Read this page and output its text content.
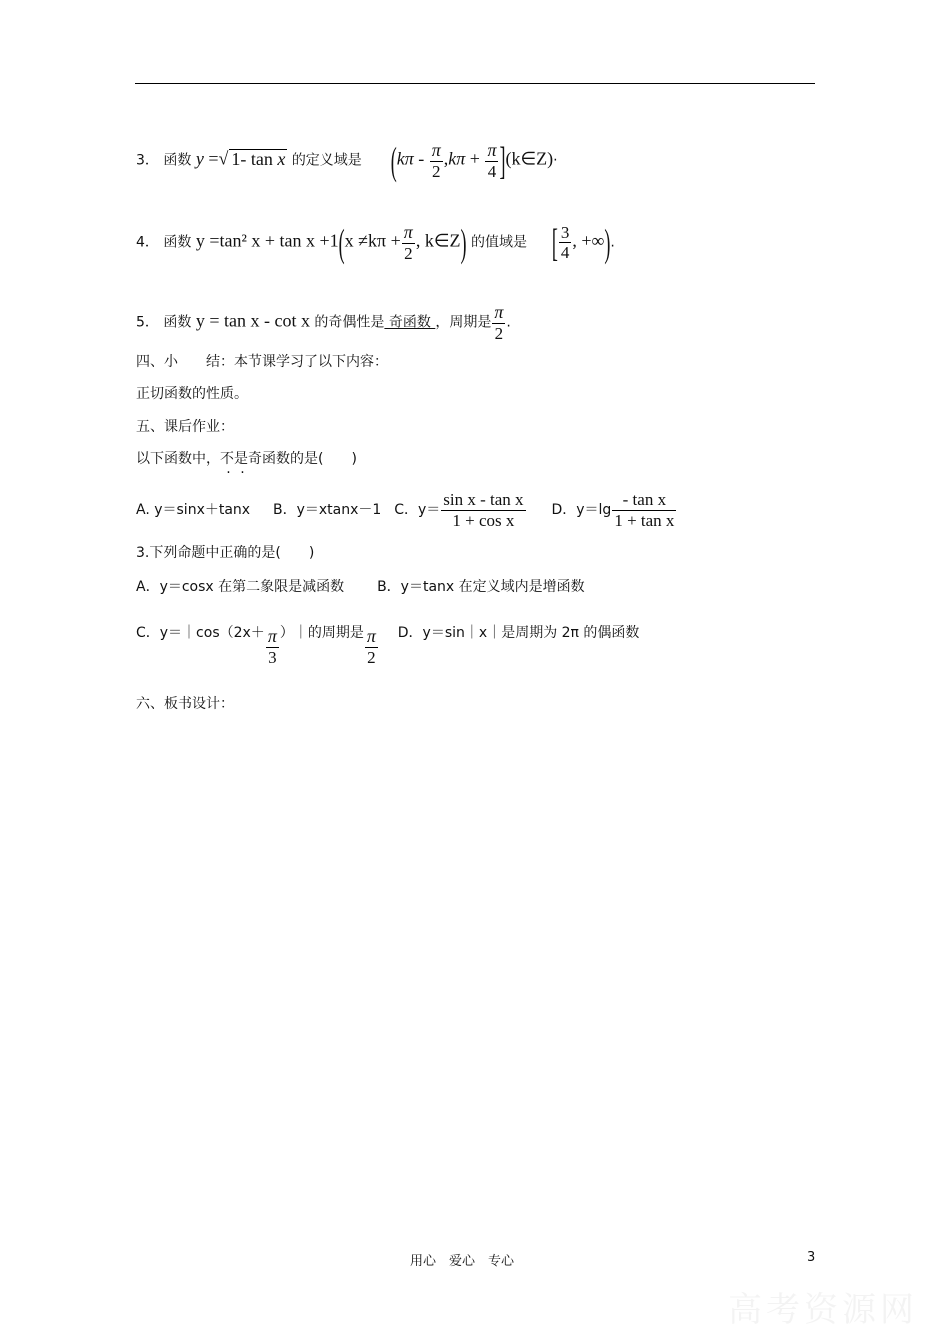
3． 函数 y =√ 1- tan x 的定义域是 ($k\pi - \frac{\pi}{2} ,k\pi + \frac{\pi}{4}$ ](k∈Z)·
4． 函数 y =tan² $x + \tan x +1(x \ne k\pi + \frac{\pi}{2}$ , k∈Z) 的值域是 [ $\frac{3}{4}$ , +∞).
5． 函数 y = tan x - cot x 的奇偶性是 奇函数 ，周期是 $\frac{\pi}{2}$ .
四、小　　结：本节课学习了以下内容：
正切函数的性质。
五、课后作业：
以下函数中，不是奇函数的是(　　)
A. y＝sinx＋tanx B．y＝xtanx－1 C．$y= \frac{\text{sin x - tan x}}{\text{1 + cos x}}$ D．$y=\lg \frac{\text{- tan x}}{\text{1 + tan x}}$
3.下列命题中正确的是(　　)
A．y＝cosx 在第二象限是减函数 B．y＝tanx 在定义域内是增函数
C．y＝｜cos（2x＋ $\frac{\pi}{3}$ ）｜的周期是 $\frac{\pi}{2}$ D．y＝sin｜x｜是周期为 2π 的偶函数
六、板书设计：
用心　爱心　专心	3
高考资源网
